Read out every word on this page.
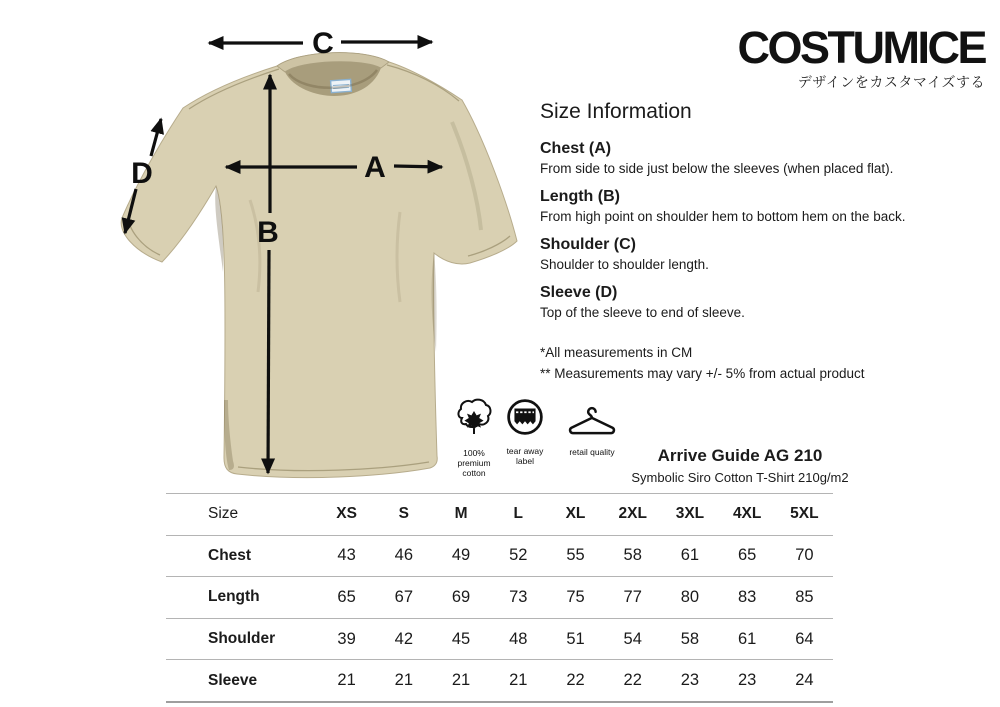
C
A
B
D
COSTUMICE
デザインをカスタマイズする
Size Information
Chest (A)
From side to side just below the sleeves (when placed flat).
Length (B)
From high point on shoulder hem to bottom hem on the back.
Shoulder (C)
Shoulder to shoulder length.
Sleeve (D)
Top of the sleeve to end of sleeve.
*All measurements in CM
** Measurements may vary +/- 5% from actual product
100%
premium
cotton
tear away
label
retail quality	Arrive Guide AG 210
Symbolic Siro Cotton T-Shirt 210g/m2
Size	XS	S	M	L	XL	2XL	3XL	4XL	5XL
Chest	43	46	49	52	55	58	61	65	70
Length	65	67	69	73	75	77	80	83	85
Shoulder	39	42	45	48	51	54	58	61	64
Sleeve	21	21	21	21	22	22	23	23	24
